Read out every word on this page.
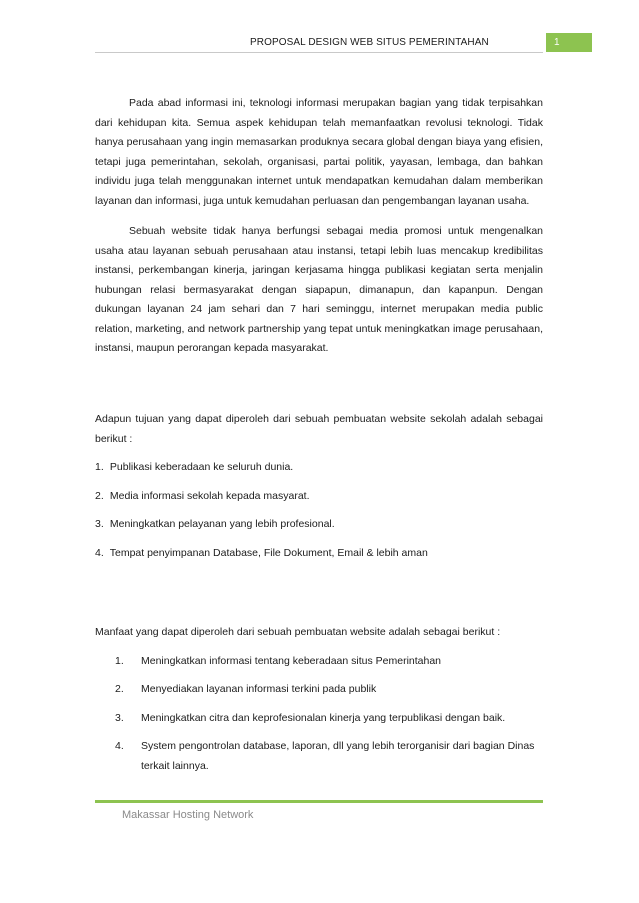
PROPOSAL DESIGN WEB SITUS PEMERINTAHAN	1

Pada abad informasi ini, teknologi informasi merupakan bagian yang tidak terpisahkan dari kehidupan kita. Semua aspek kehidupan telah memanfaatkan revolusi teknologi. Tidak hanya perusahaan yang ingin memasarkan produknya secara global dengan biaya yang efisien, tetapi juga pemerintahan, sekolah, organisasi, partai politik, yayasan, lembaga, dan bahkan individu juga telah menggunakan internet untuk mendapatkan kemudahan dalam memberikan layanan dan informasi, juga untuk kemudahan perluasan dan pengembangan layanan usaha.

Sebuah website tidak hanya berfungsi sebagai media promosi untuk mengenalkan usaha atau layanan sebuah perusahaan atau instansi, tetapi lebih luas mencakup kredibilitas instansi, perkembangan kinerja, jaringan kerjasama hingga publikasi kegiatan serta menjalin hubungan relasi bermasyarakat dengan siapapun, dimanapun, dan kapanpun. Dengan dukungan layanan 24 jam sehari dan 7 hari seminggu, internet merupakan media public relation, marketing, and network partnership yang tepat untuk meningkatkan image perusahaan, instansi, maupun perorangan kepada masyarakat.

Adapun tujuan yang dapat diperoleh dari sebuah pembuatan website sekolah adalah sebagai berikut :

1. Publikasi keberadaan ke seluruh dunia.
2. Media informasi sekolah kepada masyarat.
3. Meningkatkan pelayanan yang lebih profesional.
4. Tempat penyimpanan Database, File Dokument, Email & lebih aman

Manfaat yang dapat diperoleh dari sebuah pembuatan website adalah sebagai berikut :

1. Meningkatkan informasi tentang keberadaan situs Pemerintahan
2. Menyediakan layanan informasi terkini pada publik
3. Meningkatkan citra dan keprofesionalan kinerja yang terpublikasi dengan baik.
4. System pengontrolan database, laporan, dll yang lebih terorganisir dari bagian Dinas terkait lainnya.
Makassar Hosting Network
